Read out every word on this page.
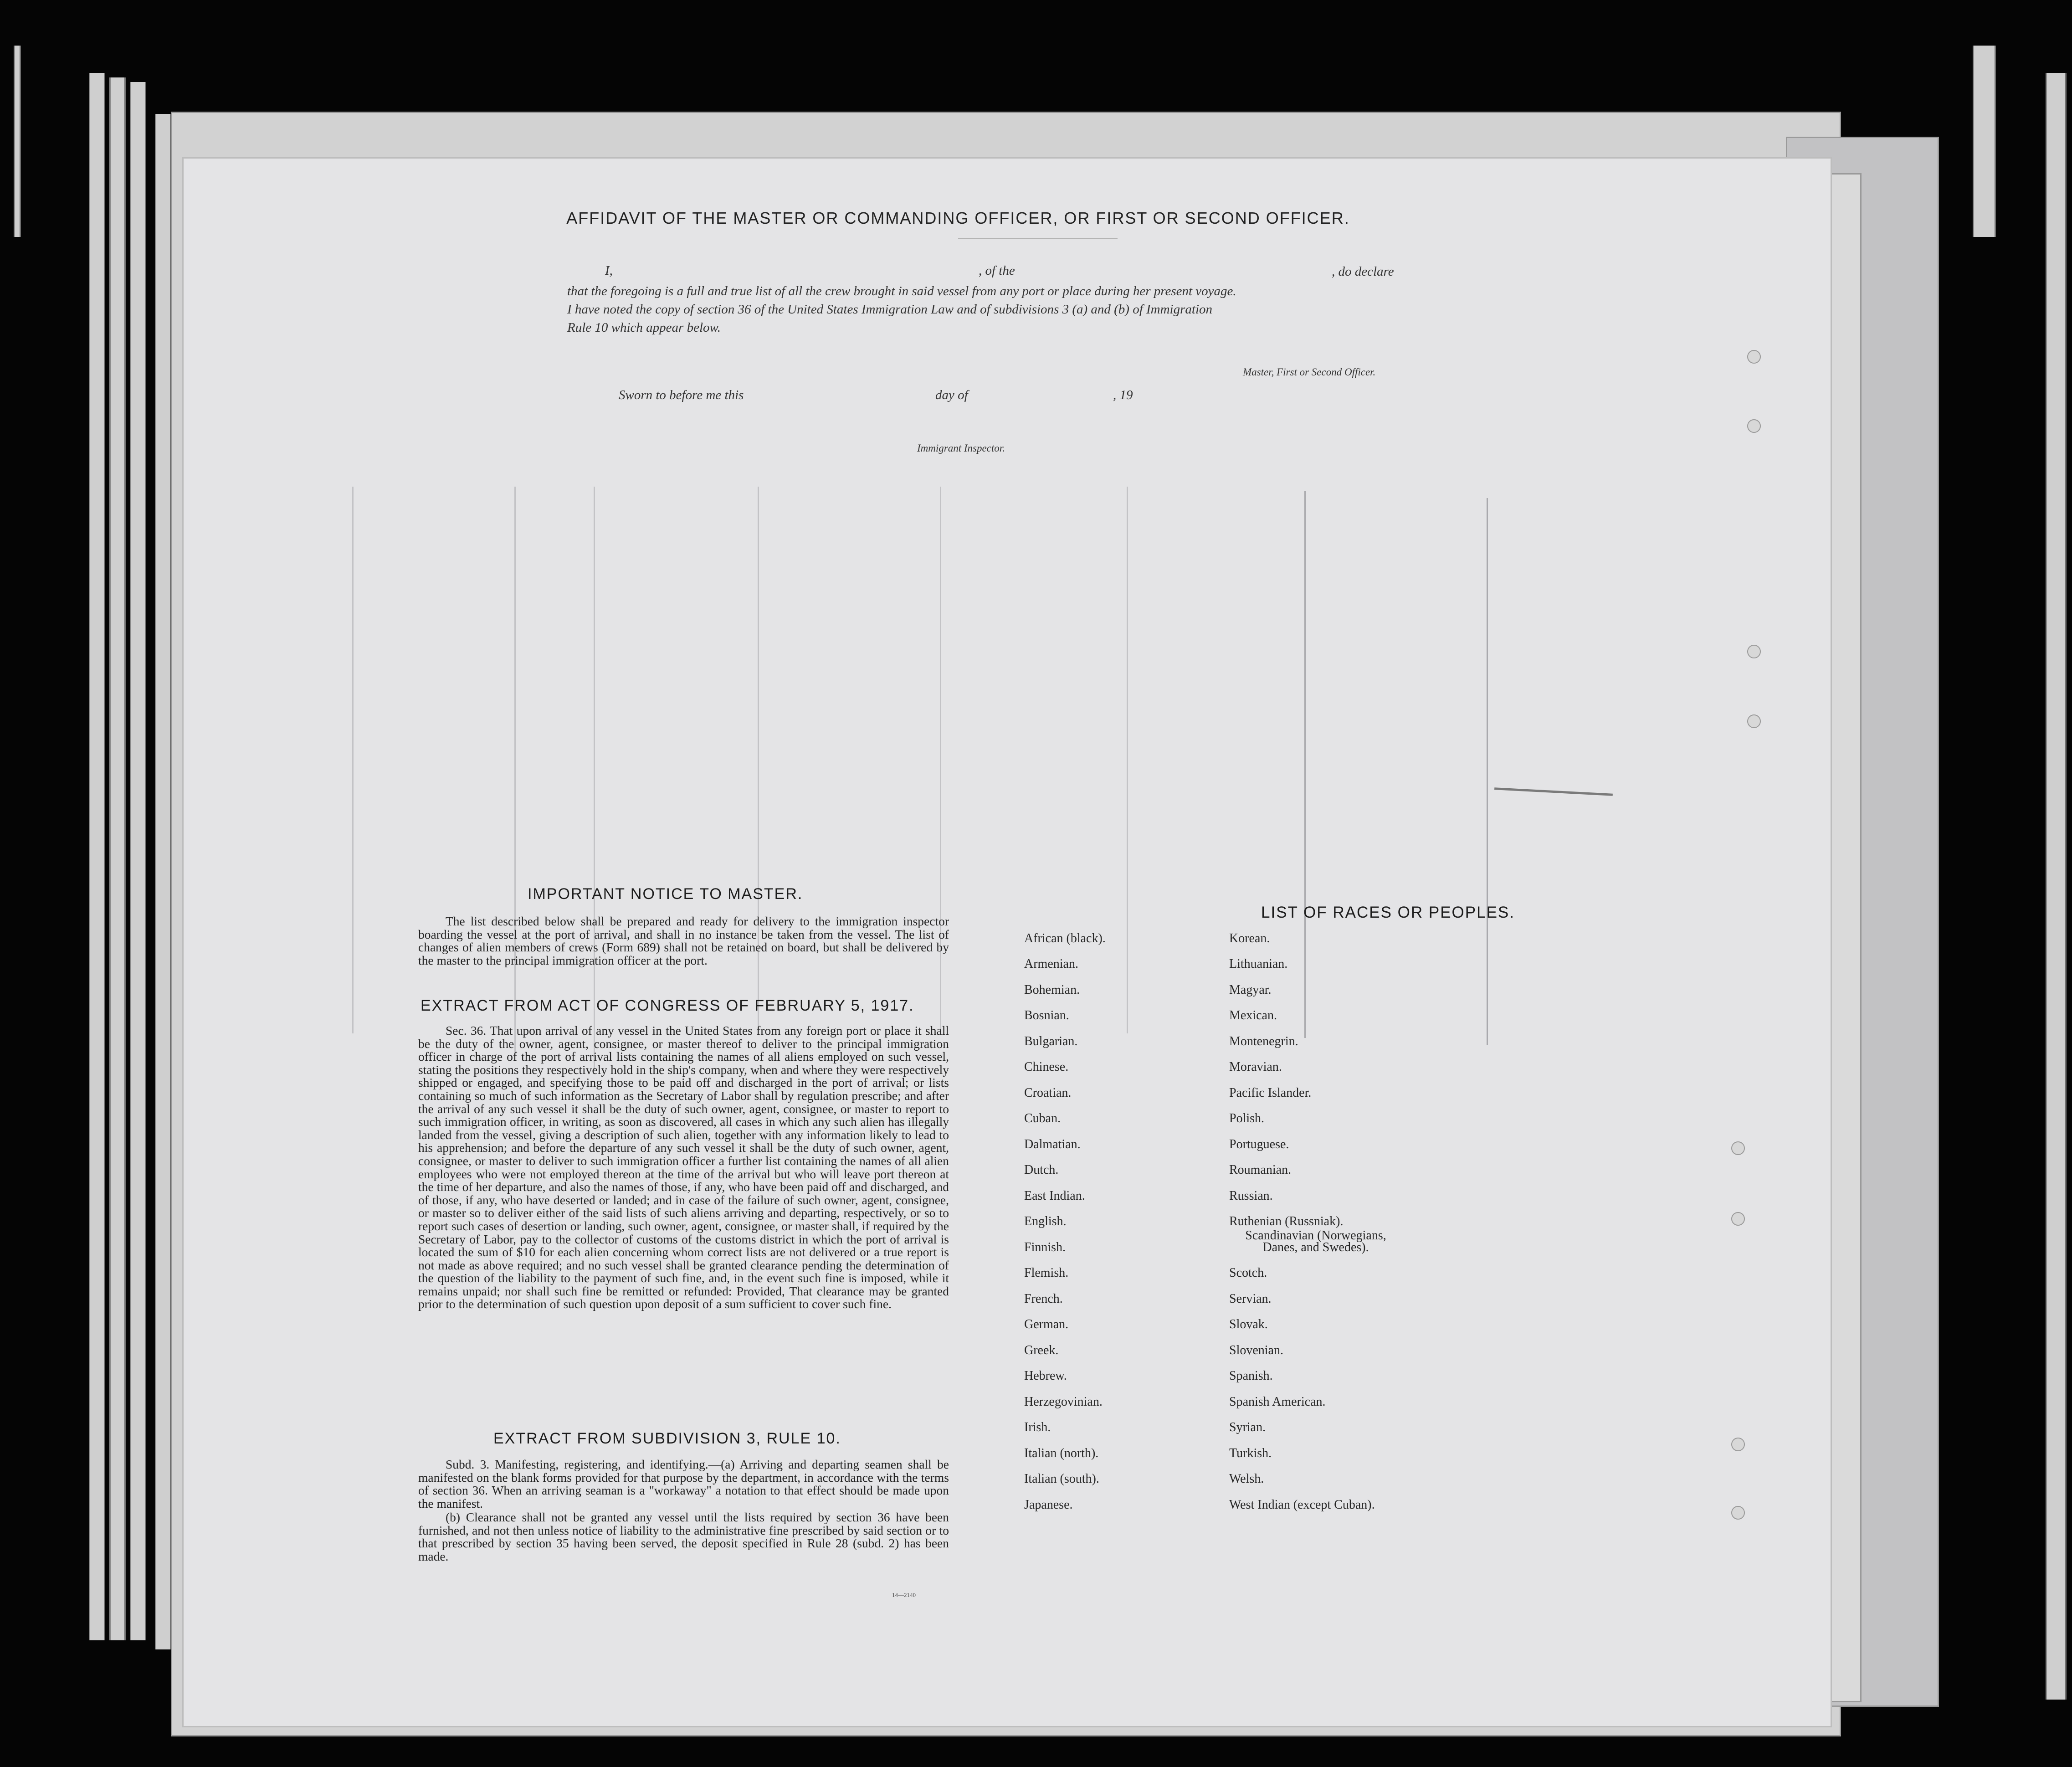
AFFIDAVIT OF THE MASTER OR COMMANDING OFFICER, OR FIRST OR SECOND OFFICER.
I,	, of the	, do declare
that the foregoing is a full and true list of all the crew brought in said vessel from any port or place during her present voyage.
I have noted the copy of section 36 of the United States Immigration Law and of subdivisions 3 (a) and (b) of Immigration
Rule 10 which appear below.
Master, First or Second Officer.
Sworn to before me this	day of	, 19
Immigrant Inspector.
IMPORTANT NOTICE TO MASTER.
The list described below shall be prepared and ready for delivery to the immigration inspector boarding the vessel at the port of arrival, and shall in no instance be taken from the vessel. The list of changes of alien members of crews (Form 689) shall not be retained on board, but shall be delivered by the master to the principal immigration officer at the port.
EXTRACT FROM ACT OF CONGRESS OF FEBRUARY 5, 1917.
Sec. 36. That upon arrival of any vessel in the United States from any foreign port or place it shall be the duty of the owner, agent, consignee, or master thereof to deliver to the principal immigration officer in charge of the port of arrival lists containing the names of all aliens employed on such vessel, stating the positions they respectively hold in the ship's company, when and where they were respectively shipped or engaged, and specifying those to be paid off and discharged in the port of arrival; or lists containing so much of such information as the Secretary of Labor shall by regulation prescribe; and after the arrival of any such vessel it shall be the duty of such owner, agent, consignee, or master to report to such immigration officer, in writing, as soon as discovered, all cases in which any such alien has illegally landed from the vessel, giving a description of such alien, together with any information likely to lead to his apprehension; and before the departure of any such vessel it shall be the duty of such owner, agent, consignee, or master to deliver to such immigration officer a further list containing the names of all alien employees who were not employed thereon at the time of the arrival but who will leave port thereon at the time of her departure, and also the names of those, if any, who have been paid off and discharged, and of those, if any, who have deserted or landed; and in case of the failure of such owner, agent, consignee, or master so to deliver either of the said lists of such aliens arriving and departing, respectively, or so to report such cases of desertion or landing, such owner, agent, consignee, or master shall, if required by the Secretary of Labor, pay to the collector of customs of the customs district in which the port of arrival is located the sum of $10 for each alien concerning whom correct lists are not delivered or a true report is not made as above required; and no such vessel shall be granted clearance pending the determination of the question of the liability to the payment of such fine, and, in the event such fine is imposed, while it remains unpaid; nor shall such fine be remitted or refunded: Provided, That clearance may be granted prior to the determination of such question upon deposit of a sum sufficient to cover such fine.
EXTRACT FROM SUBDIVISION 3, RULE 10.
Subd. 3. Manifesting, registering, and identifying.—(a) Arriving and departing seamen shall be manifested on the blank forms provided for that purpose by the department, in accordance with the terms of section 36. When an arriving seaman is a "workaway" a notation to that effect should be made upon the manifest.
(b) Clearance shall not be granted any vessel until the lists required by section 36 have been furnished, and not then unless notice of liability to the administrative fine prescribed by said section or to that prescribed by section 35 having been served, the deposit specified in Rule 28 (subd. 2) has been made.
14—2140
LIST OF RACES OR PEOPLES.
African (black).
Armenian.
Bohemian.
Bosnian.
Bulgarian.
Chinese.
Croatian.
Cuban.
Dalmatian.
Dutch.
East Indian.
English.
Finnish.
Flemish.
French.
German.
Greek.
Hebrew.
Herzegovinian.
Irish.
Italian (north).
Italian (south).
Japanese.
Korean.
Lithuanian.
Magyar.
Mexican.
Montenegrin.
Moravian.
Pacific Islander.
Polish.
Portuguese.
Roumanian.
Russian.
Ruthenian (Russniak).
Scandinavian (Norwegians,
Danes, and Swedes).
Scotch.
Servian.
Slovak.
Slovenian.
Spanish.
Spanish American.
Syrian.
Turkish.
Welsh.
West Indian (except Cuban).
